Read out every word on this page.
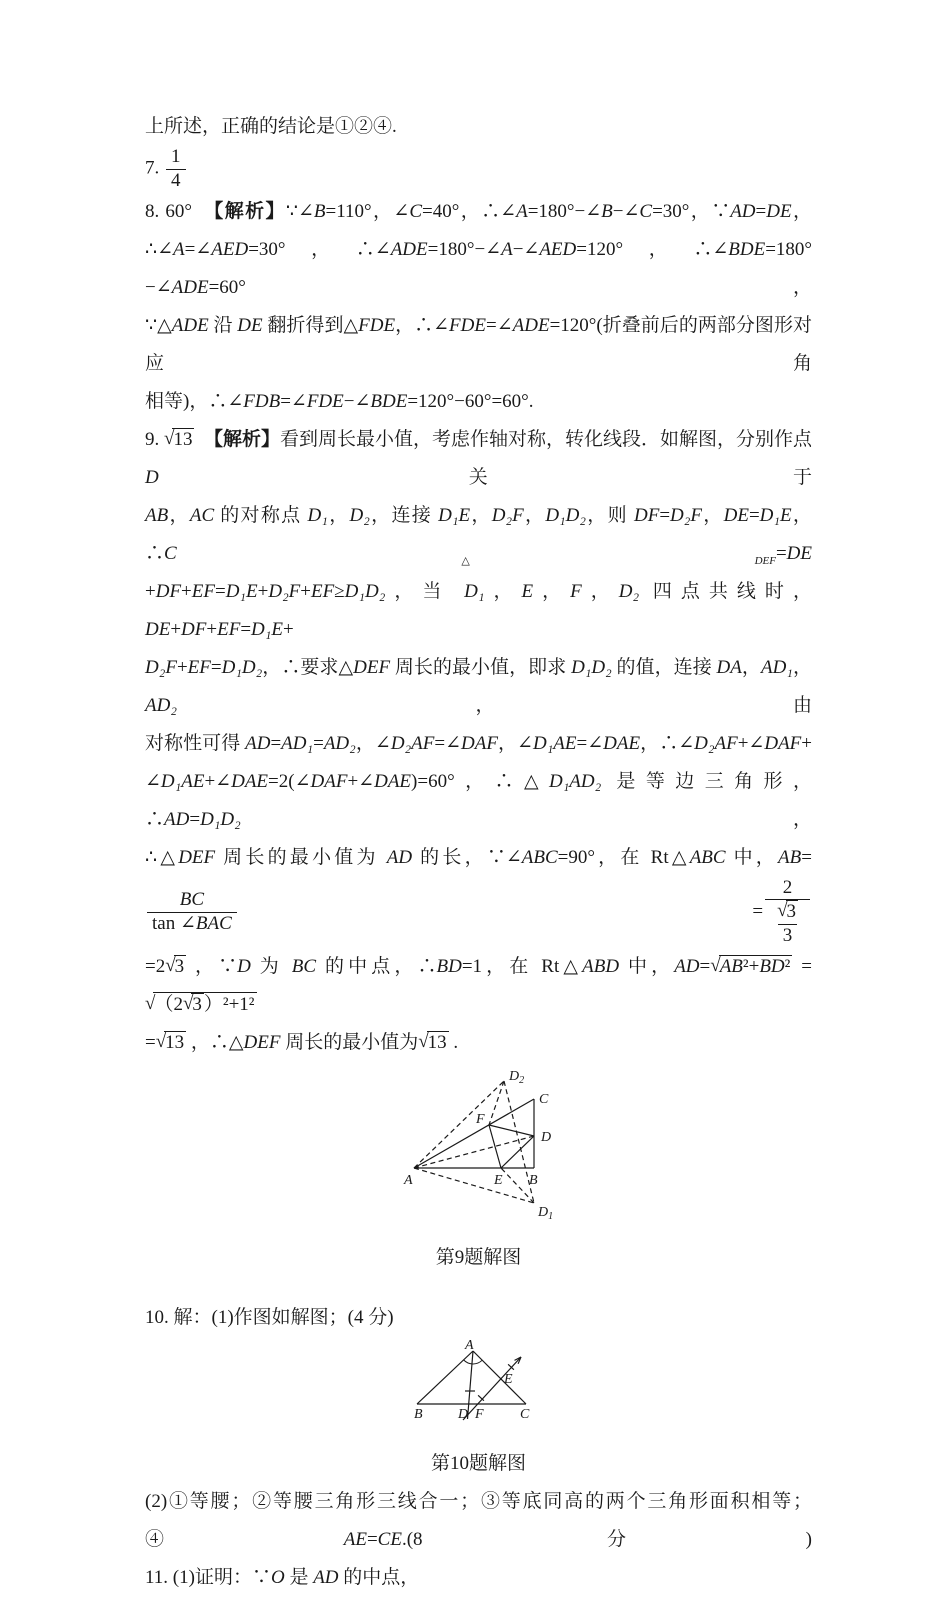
上所述，正确的结论是①②④.
7. $\frac{1}{4}$
8. 60°　【解析】∵∠B=110°，∠C=40°，∴∠A=180°−∠B−∠C=30°，∵AD=DE，
∴∠A=∠AED=30°，∴∠ADE=180°−∠A−∠AED=120°，∴∠BDE=180°−∠ADE=60°，
∵△ADE 沿 DE 翻折得到△FDE，∴∠FDE=∠ADE=120°(折叠前后的两部分图形对应角
相等)，∴∠FDB=∠FDE−∠BDE=120°−60°=60°.
9. √13　 【解析】看到周长最小值，考虑作轴对称，转化线段．如解图，分别作点 D 关于
AB，AC 的对称点 D₁，D₂，连接 D₁E，D₂F，D₁D₂，则 DF=D₂F，DE=D₁E，$\therefore C_{\triangle DEF}=DE$
+DF+EF=D₁E+D₂F+EF≥D₁D₂，当 D₁，E，F，D₂ 四点共线时，DE+DF+EF=D₁E+
D₂F+EF=D₁D₂，∴要求△DEF 周长的最小值，即求 D₁D₂ 的值，连接 DA，AD₁，AD₂，由
对称性可得 AD=AD₁=AD₂，∠D₂AF=∠DAF，∠D₁AE=∠DAE，∴∠D₂AF+∠DAF+
∠D₁AE+∠DAE=2(∠DAF+∠DAE)=60°，∴△D₁AD₂ 是等边三角形，∴AD=D₁D₂，
∴△DEF 周长的最小值为 AD 的长，∵∠ABC=90°，在 Rt△ABC 中，AB=
$\frac{BC}{\text{tan ∠BAC}} = \frac{2}{\frac{√3}{3}}$
=2√3 ，∵D 为 BC 的中点，∴BD=1，在 Rt△ABD 中，AD=√AB²+BD² =√（2√3 ）²+1²
=√13 ，∴△DEF 周长的最小值为√13 .
A	E B
C
D
F
$D_2$
$D_1$
第9题解图
10. 解：(1)作图如解图；(4 分)
A
B	C
D F
E
第10题解图
(2)①等腰；②等腰三角形三线合一；③等底同高的两个三角形面积相等；④AE=CE.(8 分)
11. (1)证明：∵O 是 AD 的中点，
